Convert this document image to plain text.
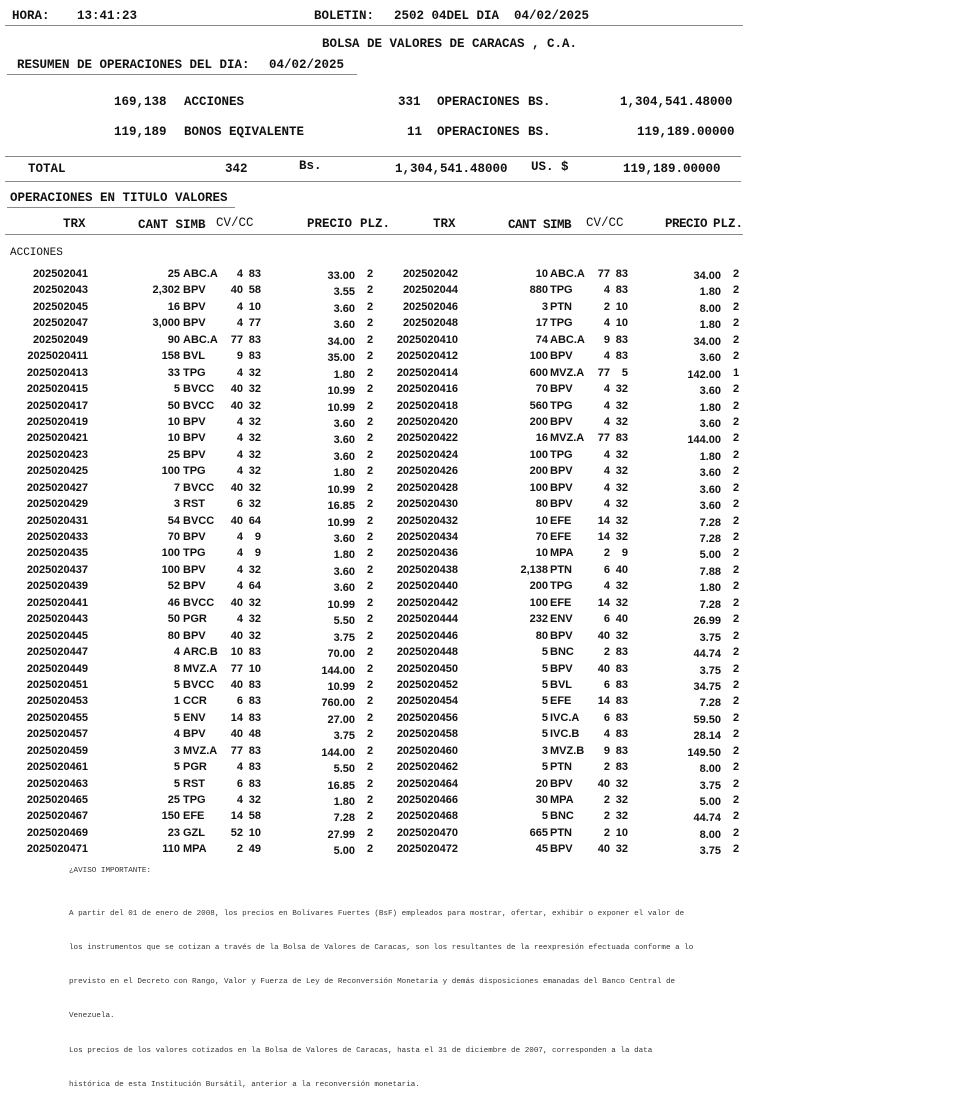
HORA: 13:41:23	BOLETIN: 2502 04DEL DIA  04/02/2025
BOLSA DE VALORES DE CARACAS , C.A.
RESUMEN DE OPERACIONES DEL DIA: 04/02/2025
169,138 ACCIONES	331 OPERACIONES BS.	1,304,541.48000
119,189 BONOS EQIVALENTE	11 OPERACIONES BS.	119,189.00000
TOTAL	342	Bs.	1,304,541.48000 US. $	119,189.00000
OPERACIONES EN TITULO VALORES
TRX	CANT SIMB CV/CC	PRECIO PLZ.	TRX	CANT SIMB CV/CC	PRECIO PLZ.
ACCIONES
202502041	25 ABC.A	4 83	33.00 2	202502042	10 ABC.A	77 83	34.00 2
202502043	2,302 BPV	40 58	3.55 2	202502044	880 TPG	4 83	1.80 2
202502045	16 BPV	4 10	3.60 2	202502046	3 PTN	2 10	8.00 2
202502047	3,000 BPV	4 77	3.60 2	202502048	17 TPG	4 10	1.80 2
202502049	90 ABC.A	77 83	34.00 2	2025020410	74 ABC.A	9 83	34.00 2
2025020411	158 BVL	9 83	35.00 2	2025020412	100 BPV	4 83	3.60 2
2025020413	33 TPG	4 32	1.80 2	2025020414	600 MVZ.A	77	5	142.00 1
2025020415	5 BVCC	40 32	10.99 2	2025020416	70 BPV	4 32	3.60 2
2025020417	50 BVCC	40 32	10.99 2	2025020418	560 TPG	4 32	1.80 2
2025020419	10 BPV	4 32	3.60 2	2025020420	200 BPV	4 32	3.60 2
2025020421	10 BPV	4 32	3.60 2	2025020422	16 MVZ.A	77 83	144.00 2
2025020423	25 BPV	4 32	3.60 2	2025020424	100 TPG	4 32	1.80 2
2025020425	100 TPG	4 32	1.80 2	2025020426	200 BPV	4 32	3.60 2
2025020427	7 BVCC	40 32	10.99 2	2025020428	100 BPV	4 32	3.60 2
2025020429	3 RST	6 32	16.85 2	2025020430	80 BPV	4 32	3.60 2
2025020431	54 BVCC	40 64	10.99 2	2025020432	10 EFE	14 32	7.28 2
2025020433	70 BPV	4	9	3.60 2	2025020434	70 EFE	14 32	7.28 2
2025020435	100 TPG	4	9	1.80 2	2025020436	10 MPA	2	9	5.00 2
2025020437	100 BPV	4 32	3.60 2	2025020438	2,138 PTN	6 40	7.88 2
2025020439	52 BPV	4 64	3.60 2	2025020440	200 TPG	4 32	1.80 2
2025020441	46 BVCC	40 32	10.99 2	2025020442	100 EFE	14 32	7.28 2
2025020443	50 PGR	4 32	5.50 2	2025020444	232 ENV	6 40	26.99 2
2025020445	80 BPV	40 32	3.75 2	2025020446	80 BPV	40 32	3.75 2
2025020447	4 ARC.B	10 83	70.00 2	2025020448	5 BNC	2 83	44.74 2
2025020449	8 MVZ.A	77 10	144.00 2	2025020450	5 BPV	40 83	3.75 2
2025020451	5 BVCC	40 83	10.99 2	2025020452	5 BVL	6 83	34.75 2
2025020453	1 CCR	6 83	760.00 2	2025020454	5 EFE	14 83	7.28 2
2025020455	5 ENV	14 83	27.00 2	2025020456	5 IVC.A	6 83	59.50 2
2025020457	4 BPV	40 48	3.75 2	2025020458	5 IVC.B	4 83	28.14 2
2025020459	3 MVZ.A	77 83	144.00 2	2025020460	3 MVZ.B	9 83	149.50 2
2025020461	5 PGR	4 83	5.50 2	2025020462	5 PTN	2 83	8.00 2
2025020463	5 RST	6 83	16.85 2	2025020464	20 BPV	40 32	3.75 2
2025020465	25 TPG	4 32	1.80 2	2025020466	30 MPA	2 32	5.00 2
2025020467	150 EFE	14 58	7.28 2	2025020468	5 BNC	2 32	44.74 2
2025020469	23 GZL	52 10	27.99 2	2025020470	665 PTN	2 10	8.00 2
2025020471	110 MPA	2 49	5.00 2	2025020472	45 BPV	40 32	3.75 2
¿AVISO IMPORTANTE:

A partir del 01 de enero de 2008, los precios en Bolívares Fuertes (BsF) empleados para mostrar, ofertar, exhibir o exponer el valor de

los instrumentos que se cotizan a través de la Bolsa de Valores de Caracas, son los resultantes de la reexpresión efectuada conforme a lo

previsto en el Decreto con Rango, Valor y Fuerza de Ley de Reconversión Monetaria y demás disposiciones emanadas del Banco Central de

Venezuela.

Los precios de los valores cotizados en la Bolsa de Valores de Caracas, hasta el 31 de diciembre de 2007, corresponden a la data

histórica de esta Institución Bursátil, anterior a la reconversión monetaria.
